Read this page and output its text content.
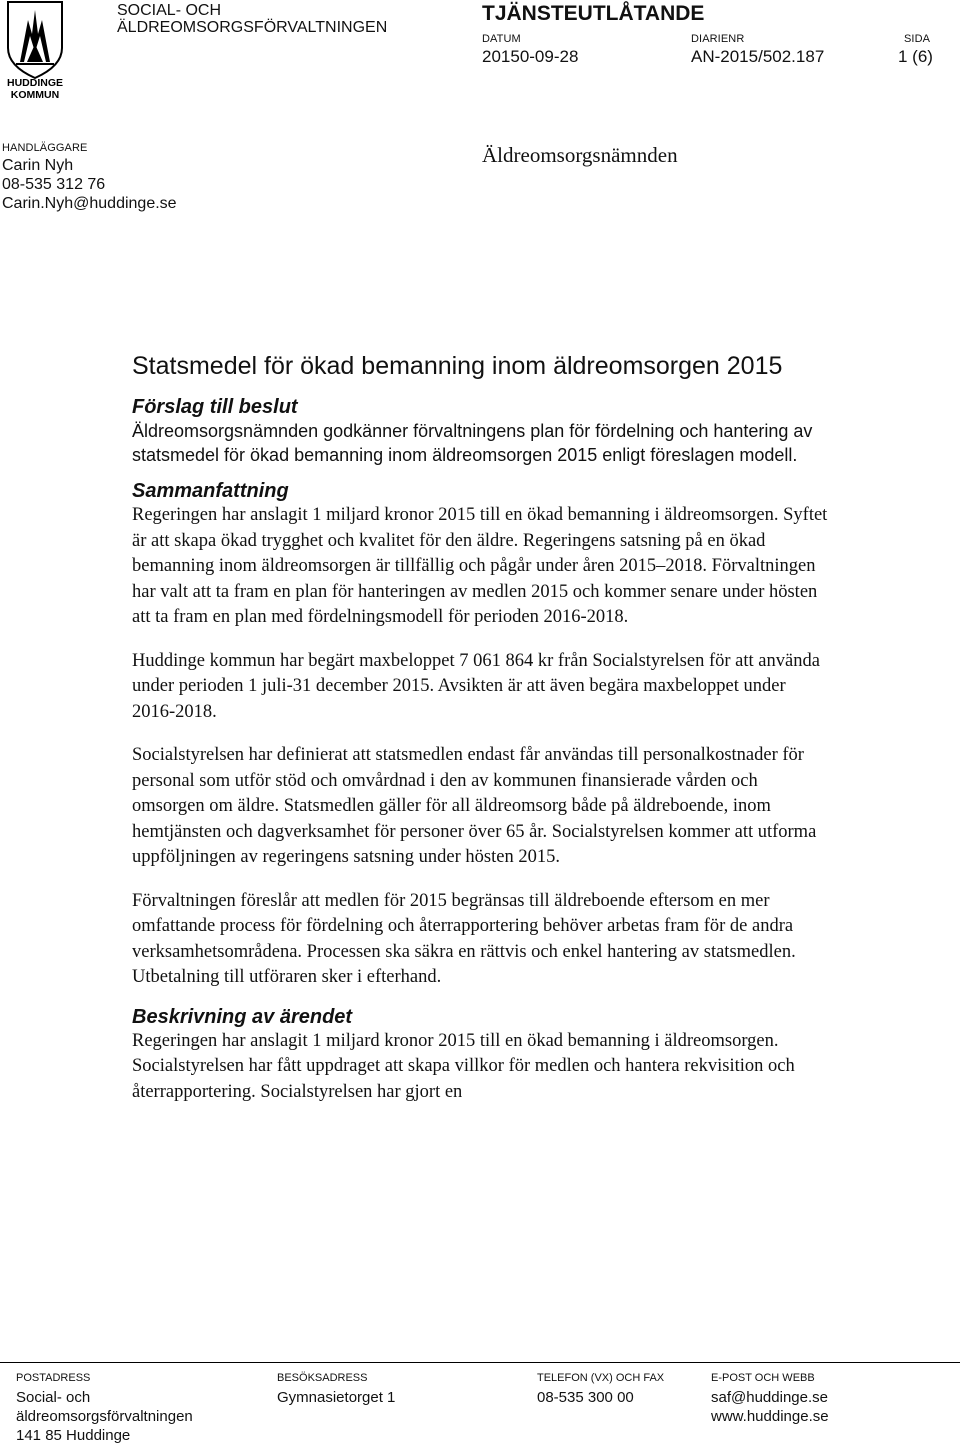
HUDDINGE
KOMMUN
SOCIAL- OCH
ÄLDREOMSORGSFÖRVALTNINGEN
TJÄNSTEUTLÅTANDE
DATUM
20150-09-28
DIARIENR
AN-2015/502.187
SIDA
1 (6)
HANDLÄGGARE
Carin Nyh
08-535 312 76
Carin.Nyh@huddinge.se
Äldreomsorgsnämnden
Statsmedel för ökad bemanning inom äldreomsorgen 2015
Förslag till beslut

Äldreomsorgsnämnden godkänner förvaltningens plan för fördelning och hantering av statsmedel för ökad bemanning inom äldreomsorgen 2015 enligt föreslagen modell.

Sammanfattning

Regeringen har anslagit 1 miljard kronor 2015 till en ökad bemanning i äldreomsorgen. Syftet är att skapa ökad trygghet och kvalitet för den äldre. Regeringens satsning på en ökad bemanning inom äldreomsorgen är tillfällig och pågår under åren 2015–2018. Förvaltningen har valt att ta fram en plan för hanteringen av medlen 2015 och kommer senare under hösten att ta fram en plan med fördelningsmodell för perioden 2016-2018.

Huddinge kommun har begärt maxbeloppet 7 061 864 kr från Socialstyrelsen för att använda under perioden 1 juli-31 december 2015. Avsikten är att även begära maxbeloppet under 2016-2018.

Socialstyrelsen har definierat att statsmedlen endast får användas till personalkostnader för personal som utför stöd och omvårdnad i den av kommunen finansierade vården och omsorgen om äldre. Statsmedlen gäller för all äldreomsorg både på äldreboende, inom hemtjänsten och dagverksamhet för personer över 65 år. Socialstyrelsen kommer att utforma uppföljningen av regeringens satsning under hösten 2015.

Förvaltningen föreslår att medlen för 2015 begränsas till äldreboende eftersom en mer omfattande process för fördelning och återrapportering behöver arbetas fram för de andra verksamhetsområdena. Processen ska säkra en rättvis och enkel hantering av statsmedlen. Utbetalning till utföraren sker i efterhand.

Beskrivning av ärendet

Regeringen har anslagit 1 miljard kronor 2015 till en ökad bemanning i äldreomsorgen. Socialstyrelsen har fått uppdraget att skapa villkor för medlen och hantera rekvisition och återrapportering. Socialstyrelsen har gjort en

POSTADRESS
Social- och
äldreomsorgsförvaltningen
141 85 Huddinge
BESÖKSADRESS
Gymnasietorget 1
TELEFON (VX) OCH FAX
08-535 300 00
E-POST OCH WEBB
saf@huddinge.se
www.huddinge.se
